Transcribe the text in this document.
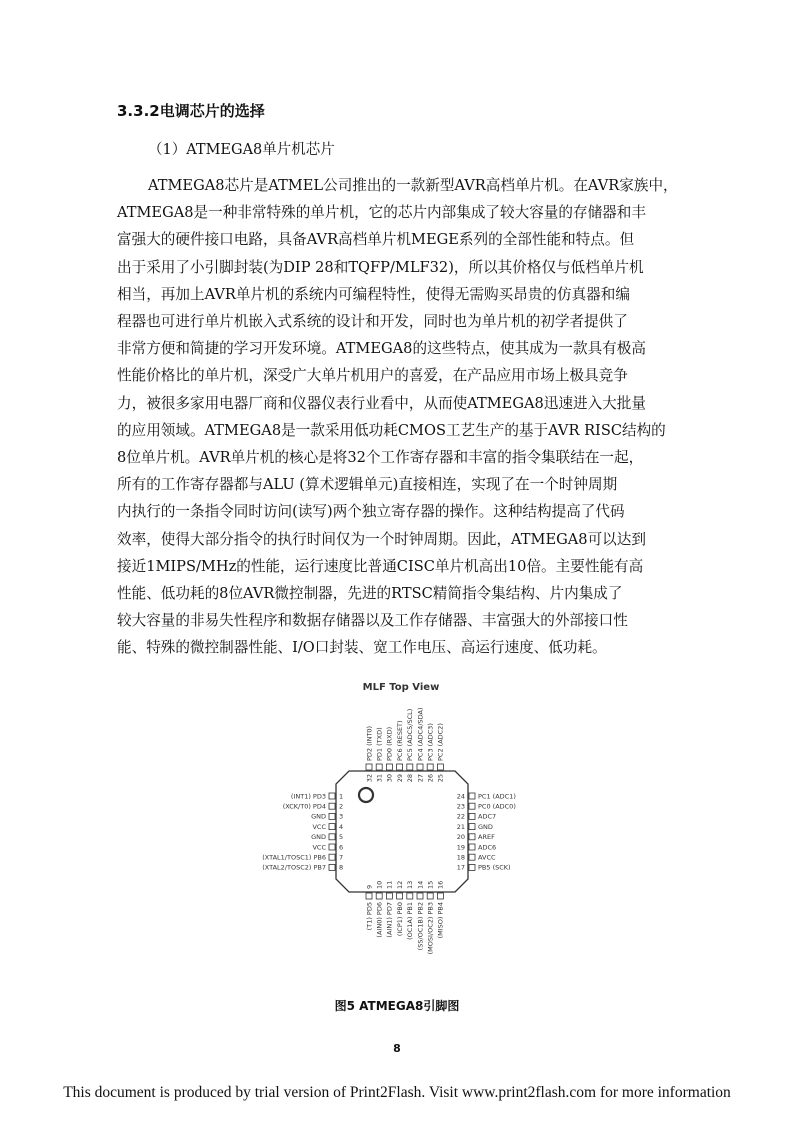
3.3.2电调芯片的选择

（1）ATMEGA8单片机芯片

ATMEGA8芯片是ATMEL公司推出的一款新型AVR高档单片机。在AVR家族中，
ATMEGA8是一种非常特殊的单片机，它的芯片内部集成了较大容量的存储器和丰
富强大的硬件接口电路，具备AVR高档单片机MEGE系列的全部性能和特点。但
出于采用了小引脚封装(为DIP 28和TQFP/MLF32)，所以其价格仅与低档单片机
相当，再加上AVR单片机的系统内可编程特性，使得无需购买昂贵的仿真器和编
程器也可进行单片机嵌入式系统的设计和开发，同时也为单片机的初学者提供了
非常方便和简捷的学习开发环境。ATMEGA8的这些特点，使其成为一款具有极高
性能价格比的单片机，深受广大单片机用户的喜爱，在产品应用市场上极具竞争
力，被很多家用电器厂商和仪器仪表行业看中，从而使ATMEGA8迅速进入大批量
的应用领域。ATMEGA8是一款采用低功耗CMOS工艺生产的基于AVR RISC结构的
8位单片机。AVR单片机的核心是将32个工作寄存器和丰富的指令集联结在一起，
所有的工作寄存器都与ALU (算术逻辑单元)直接相连，实现了在一个时钟周期
内执行的一条指令同时访问(读写)两个独立寄存器的操作。这种结构提高了代码
效率，使得大部分指令的执行时间仅为一个时钟周期。因此，ATMEGA8可以达到
接近1MIPS/MHz的性能，运行速度比普通CISC单片机高出10倍。主要性能有高
性能、低功耗的8位AVR微控制器，先进的RTSC精简指令集结构、片内集成了
较大容量的非易失性程序和数据存储器以及工作存储器、丰富强大的外部接口性
能、特殊的微控制器性能、I/O口封装、宽工作电压、高运行速度、低功耗。
MLF Top View
1
(INT1) PD3
2
(XCK/T0) PD4
3
GND
4
VCC
5
GND
6
VCC
7
(XTAL1/TOSC1) PB6
8
(XTAL2/TOSC2) PB7
24 PC1 (ADC1)
23 PC0 (ADC0)
22 ADC7
21 GND
20 AREF
19 ADC6
18 AVCC
17 PB5 (SCK)
32
PD2 (INT0)
31
PD1 (TXD)
30
PD0 (RXD)
29
PC6 (RESET)
28
PC5 (ADC5/SCL)
27
PC4 (ADC4/SDA)
26
PC3 (ADC3)
25
PC2 (ADC2)
9
(T1) PD5
10
(AIN0) PD6
11
(AIN1) PD7
12
(ICP1) PB0
13
(OC1A) PB1
14
(SS/OC1B) PB2
15
(MOSI/OC2) PB3
16
(MISO) PB4

图5 ATMEGA8引脚图

8
This document is produced by trial version of Print2Flash. Visit www.print2flash.com for more information
